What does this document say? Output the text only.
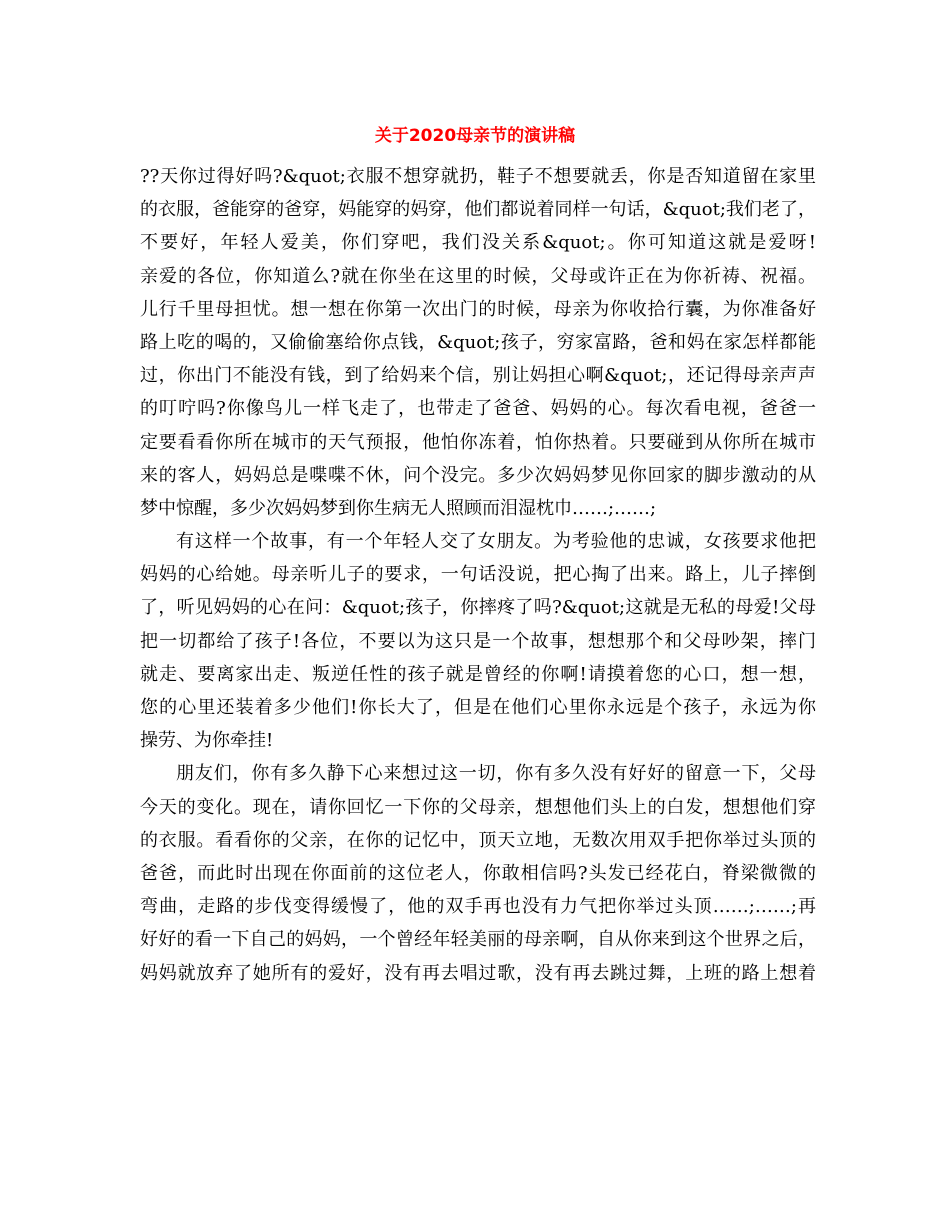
关于2020母亲节的演讲稿
??天你过得好吗?&quot;衣服不想穿就扔，鞋子不想要就丢，你是否知道留在家里
的衣服，爸能穿的爸穿，妈能穿的妈穿，他们都说着同样一句话，&quot;我们老了，
不要好，年轻人爱美，你们穿吧，我们没关系&quot;。你可知道这就是爱呀!
亲爱的各位，你知道么?就在你坐在这里的时候，父母或许正在为你祈祷、祝福。
儿行千里母担忧。想一想在你第一次出门的时候，母亲为你收拾行囊，为你准备好
路上吃的喝的，又偷偷塞给你点钱，&quot;孩子，穷家富路，爸和妈在家怎样都能
过，你出门不能没有钱，到了给妈来个信，别让妈担心啊&quot;，还记得母亲声声
的叮咛吗?你像鸟儿一样飞走了，也带走了爸爸、妈妈的心。每次看电视，爸爸一
定要看看你所在城市的天气预报，他怕你冻着，怕你热着。只要碰到从你所在城市
来的客人，妈妈总是喋喋不休，问个没完。多少次妈妈梦见你回家的脚步激动的从
梦中惊醒，多少次妈妈梦到你生病无人照顾而泪湿枕巾……;……;
有这样一个故事，有一个年轻人交了女朋友。为考验他的忠诚，女孩要求他把
妈妈的心给她。母亲听儿子的要求，一句话没说，把心掏了出来。路上，儿子摔倒
了，听见妈妈的心在问：&quot;孩子，你摔疼了吗?&quot;这就是无私的母爱!父母
把一切都给了孩子!各位，不要以为这只是一个故事，想想那个和父母吵架，摔门
就走、要离家出走、叛逆任性的孩子就是曾经的你啊!请摸着您的心口，想一想，
您的心里还装着多少他们!你长大了，但是在他们心里你永远是个孩子，永远为你
操劳、为你牵挂!
朋友们，你有多久静下心来想过这一切，你有多久没有好好的留意一下，父母
今天的变化。现在，请你回忆一下你的父母亲，想想他们头上的白发，想想他们穿
的衣服。看看你的父亲，在你的记忆中，顶天立地，无数次用双手把你举过头顶的
爸爸，而此时出现在你面前的这位老人，你敢相信吗?头发已经花白，脊梁微微的
弯曲，走路的步伐变得缓慢了，他的双手再也没有力气把你举过头顶……;……;再
好好的看一下自己的妈妈，一个曾经年轻美丽的母亲啊，自从你来到这个世界之后，
妈妈就放弃了她所有的爱好，没有再去唱过歌，没有再去跳过舞，上班的路上想着
